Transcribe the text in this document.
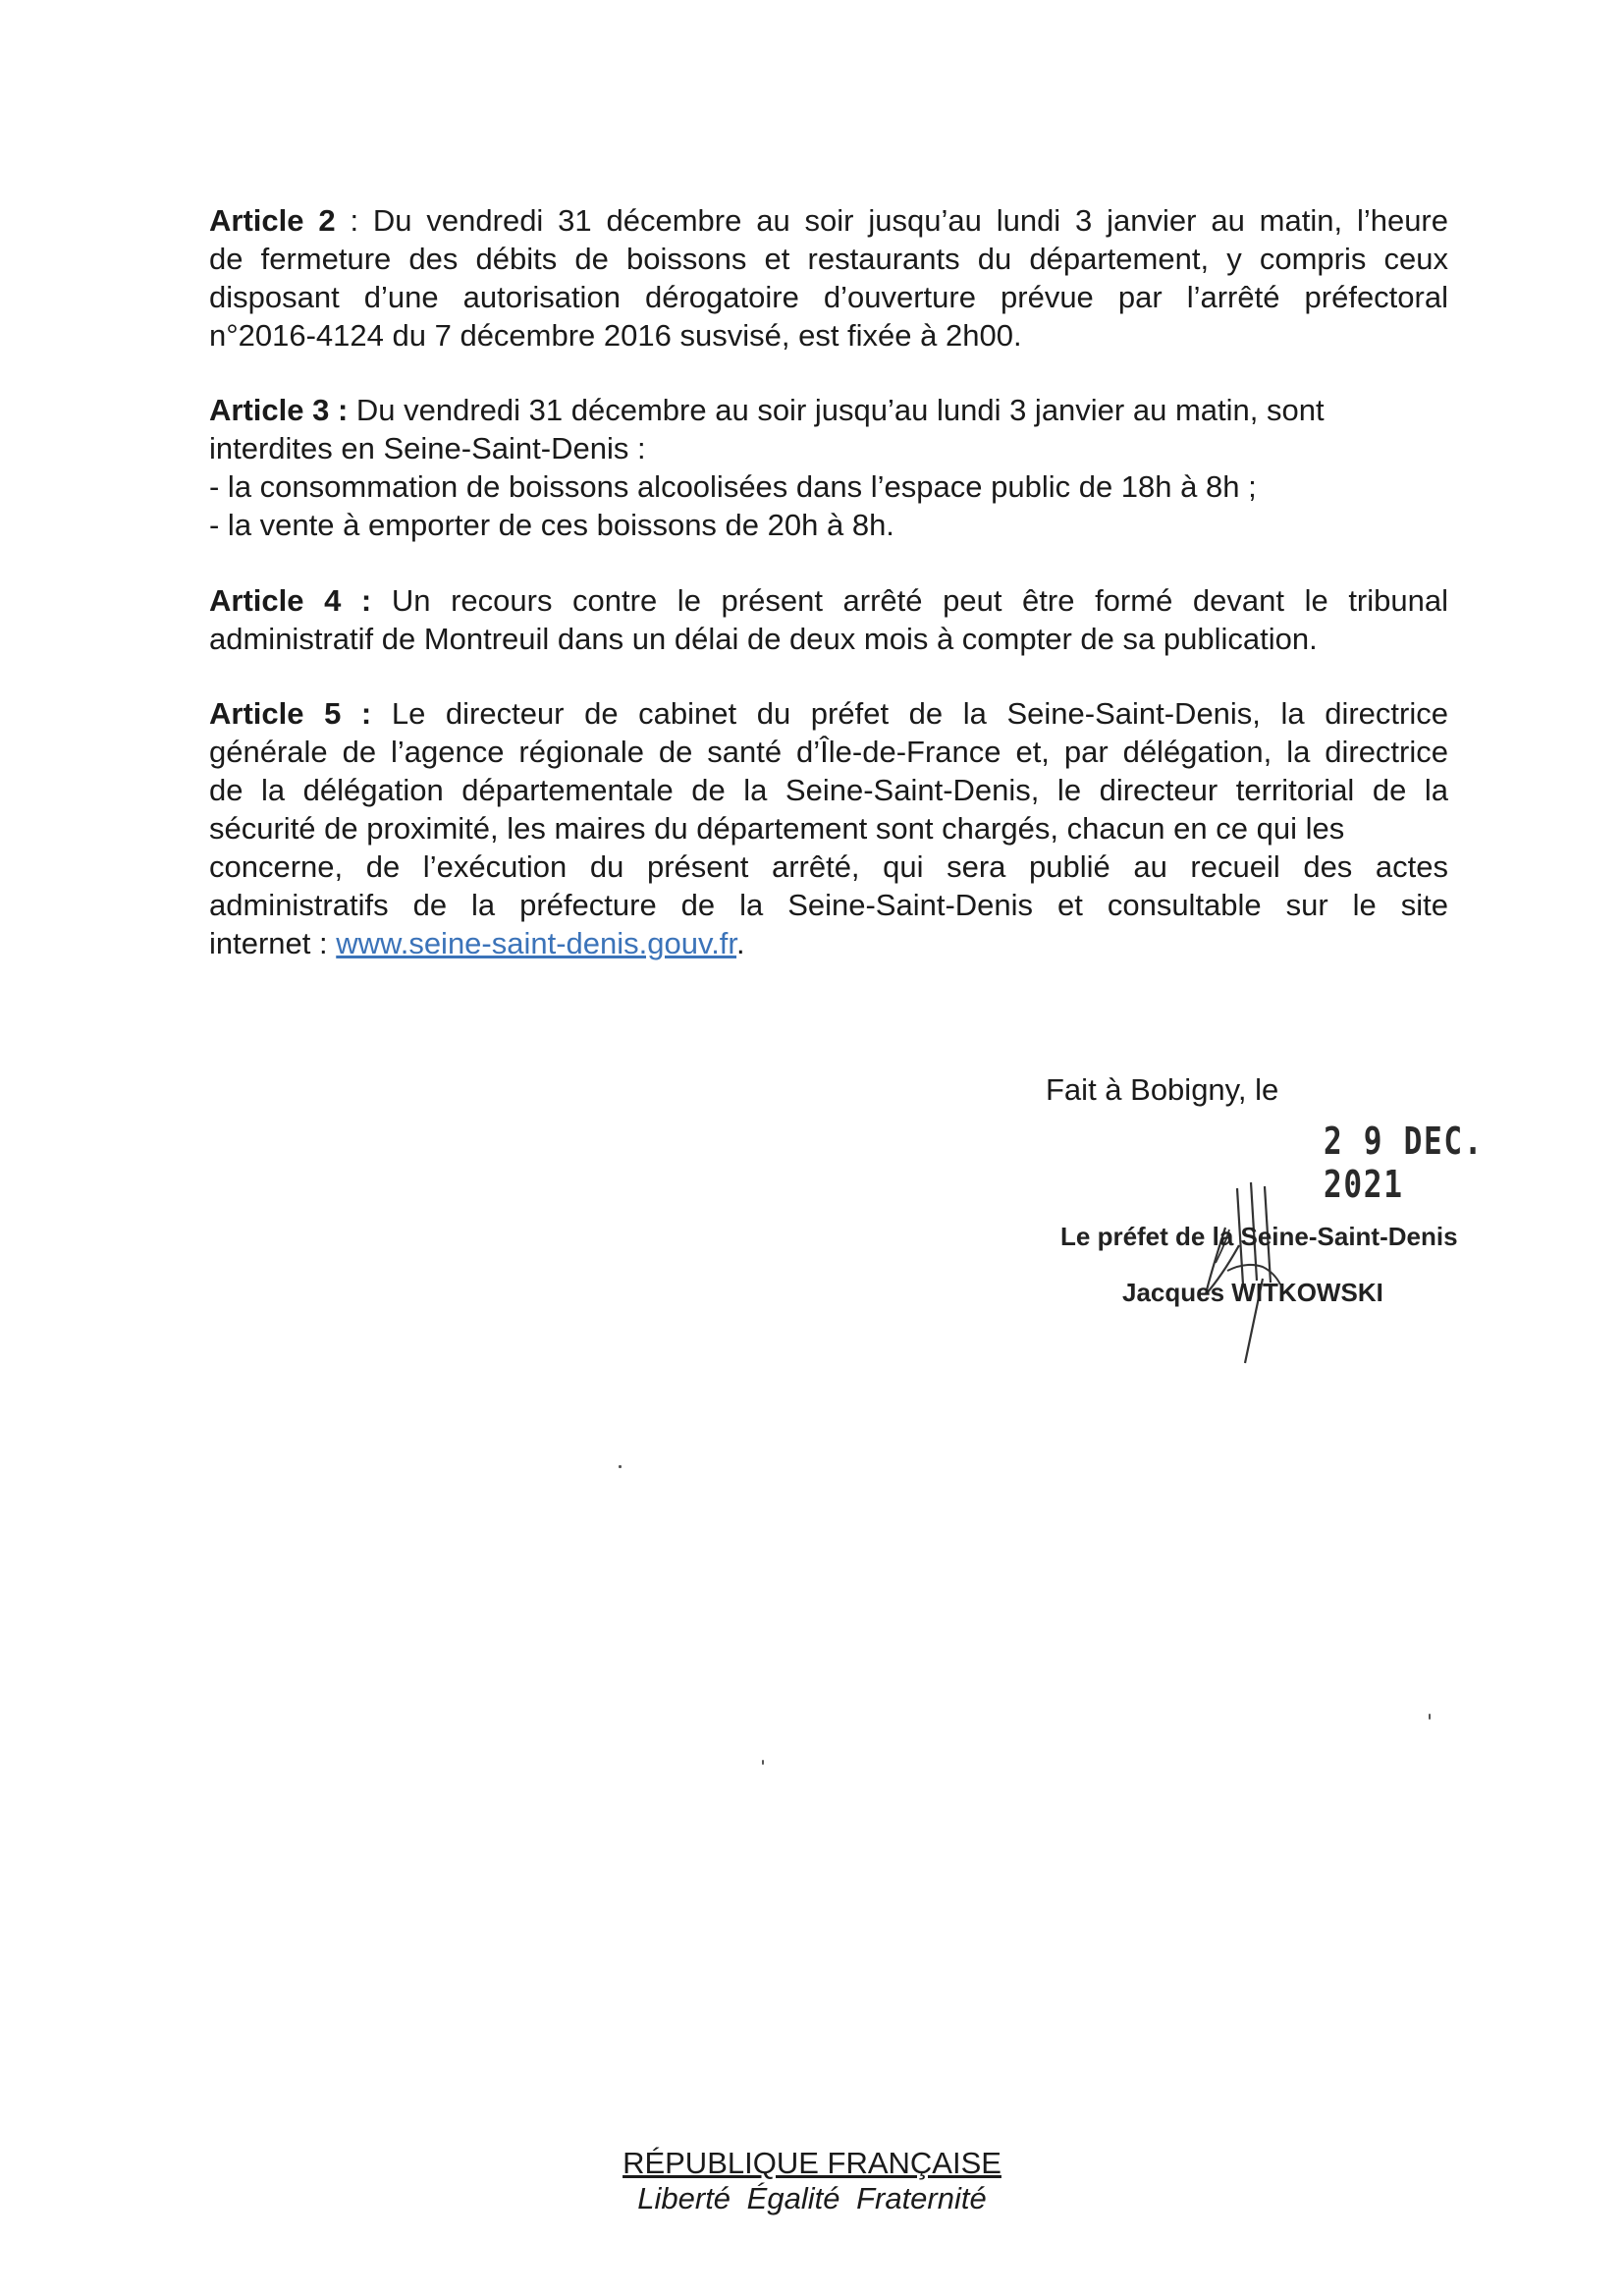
Article 2 : Du vendredi 31 décembre au soir jusqu’au lundi 3 janvier au matin, l’heure
de fermeture des débits de boissons et restaurants du département, y compris ceux
disposant d’une autorisation dérogatoire d’ouverture prévue par l’arrêté préfectoral
n°2016-4124 du 7 décembre 2016 susvisé, est fixée à 2h00.

Article 3 : Du vendredi 31 décembre au soir jusqu’au lundi 3 janvier au matin, sont
interdites en Seine-Saint-Denis :
- la consommation de boissons alcoolisées dans l’espace public de 18h à 8h ;
- la vente à emporter de ces boissons de 20h à 8h.

Article 4 : Un recours contre le présent arrêté peut être formé devant le tribunal
administratif de Montreuil dans un délai de deux mois à compter de sa publication.

Article 5 : Le directeur de cabinet du préfet de la Seine-Saint-Denis, la directrice
générale de l’agence régionale de santé d’Île-de-France et, par délégation, la directrice
de la délégation départementale de la Seine-Saint-Denis, le directeur territorial de la
sécurité de proximité, les maires du département sont chargés, chacun en ce qui les
concerne, de l’exécution du présent arrêté, qui sera publié au recueil des actes
administratifs de la préfecture de la Seine-Saint-Denis et consultable sur le site
internet : www.seine-saint-denis.gouv.fr.

Fait à Bobigny, le
2 9 DEC. 2021
Le préfet de la Seine-Saint-Denis
Jacques WITKOWSKI
RÉPUBLIQUE FRANÇAISE
Liberté Égalité Fraternité
